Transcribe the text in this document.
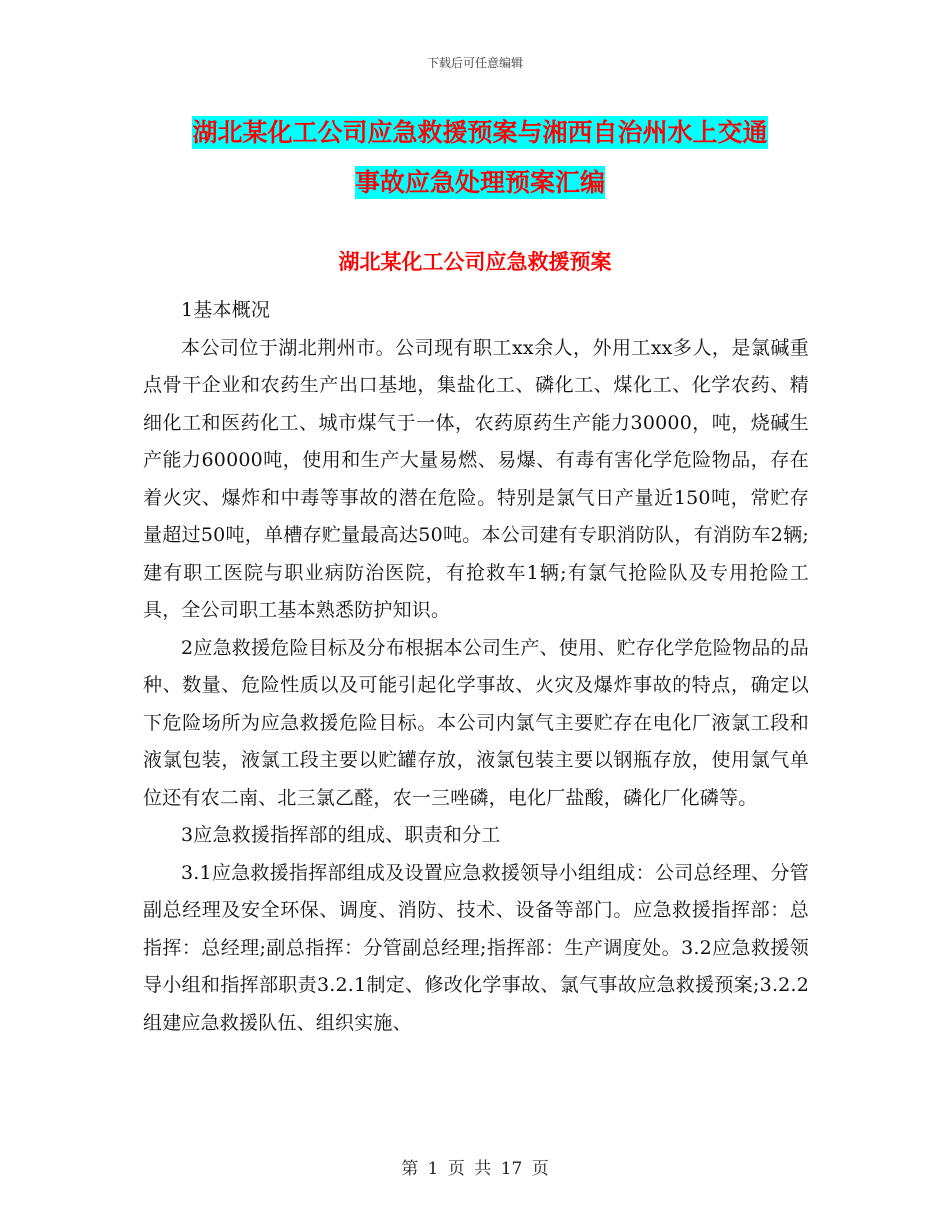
下载后可任意编辑
湖北某化工公司应急救援预案与湘西自治州水上交通
事故应急处理预案汇编
湖北某化工公司应急救援预案

1基本概况

本公司位于湖北荆州市。公司现有职工xx余人，外用工xx多人，是氯碱重点骨干企业和农药生产出口基地，集盐化工、磷化工、煤化工、化学农药、精细化工和医药化工、城市煤气于一体，农药原药生产能力30000，吨，烧碱生产能力60000吨，使用和生产大量易燃、易爆、有毒有害化学危险物品，存在着火灾、爆炸和中毒等事故的潜在危险。特别是氯气日产量近150吨，常贮存量超过50吨，单槽存贮量最高达50吨。本公司建有专职消防队，有消防车2辆;建有职工医院与职业病防治医院，有抢救车1辆;有氯气抢险队及专用抢险工具，全公司职工基本熟悉防护知识。

2应急救援危险目标及分布根据本公司生产、使用、贮存化学危险物品的品种、数量、危险性质以及可能引起化学事故、火灾及爆炸事故的特点，确定以下危险场所为应急救援危险目标。本公司内氯气主要贮存在电化厂液氯工段和液氯包装，液氯工段主要以贮罐存放，液氯包装主要以钢瓶存放，使用氯气单位还有农二南、北三氯乙醛，农一三唑磷，电化厂盐酸，磷化厂化磷等。

3应急救援指挥部的组成、职责和分工

3.1应急救援指挥部组成及设置应急救援领导小组组成：公司总经理、分管副总经理及安全环保、调度、消防、技术、设备等部门。应急救援指挥部：总指挥：总经理;副总指挥：分管副总经理;指挥部：生产调度处。3.2应急救援领导小组和指挥部职责3.2.1制定、修改化学事故、氯气事故应急救援预案;3.2.2组建应急救援队伍、组织实施、

第 1 页 共 17 页
